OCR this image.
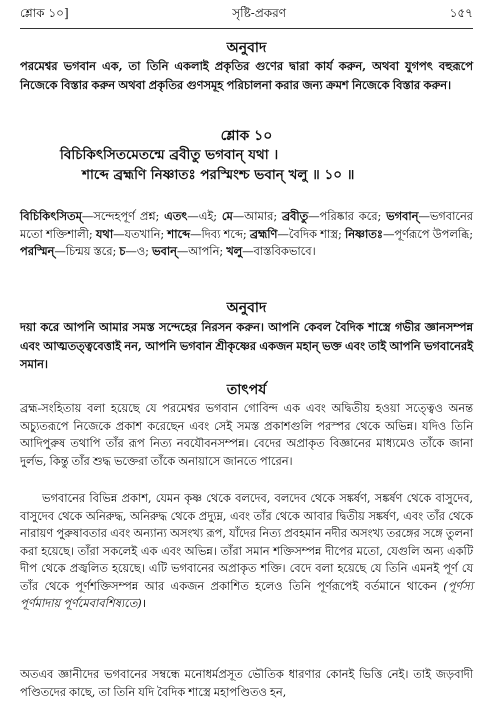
শ্লোক ১০]	সৃষ্টি-প্রকরণ	১৫৭
অনুবাদ
পরমেশ্বর ভগবান এক, তা তিনি একলাই প্রকৃতির গুণের দ্বারা কার্য করুন, অথবা যুগপৎ বহুরূপে নিজেকে বিস্তার করুন অথবা প্রকৃতির গুণসমূহ পরিচালনা করার জন্য ক্রমশ নিজেকে বিস্তার করুন।
শ্লোক ১০
বিচিকিৎসিতমেতন্মে ব্রবীতু ভগবান্ যথা ।
শাব্দে ব্রহ্মণি নিষ্ণাতঃ পরস্মিংশ্চ ভবান্ খলু ॥ ১০ ॥
বিচিকিৎসিতম্—সন্দেহপূর্ণ প্রশ্ন; এতৎ—এই; মে—আমার; ব্রবীতু—পরিষ্কার করে; ভগবান্—ভগবানের মতো শক্তিশালী; যথা—যতখানি; শাব্দে—দিব্য শব্দে; ব্রহ্মণি—বৈদিক শাস্ত্র; নিষ্ণাতঃ—পূর্ণরূপে উপলব্ধি; পরস্মিন্—চিন্ময় স্তরে; চ—ও; ভবান্—আপনি; খলু—বাস্তবিকভাবে।
অনুবাদ
দয়া করে আপনি আমার সমস্ত সন্দেহের নিরসন করুন। আপনি কেবল বৈদিক শাস্ত্রে গভীর জ্ঞানসম্পন্ন এবং আত্মতত্ত্ববেত্তাই নন, আপনি ভগবান শ্রীকৃষ্ণের একজন মহান্ ভক্ত এবং তাই আপনি ভগবানেরই সমান।
তাৎপর্য
ব্রহ্ম-সংহিতায় বলা হয়েছে যে পরমেশ্বর ভগবান গোবিন্দ এক এবং অদ্বিতীয় হওয়া সত্ত্বেও অনন্ত অচ্যুতরূপে নিজেকে প্রকাশ করেছেন এবং সেই সমস্ত প্রকাশগুলি পরস্পর থেকে অভিন্ন। যদিও তিনি আদিপুরুষ তথাপি তাঁর রূপ নিত্য নবযৌবনসম্পন্ন। বেদের অপ্রাকৃত বিজ্ঞানের মাধ্যমেও তাঁকে জানা দুর্লভ, কিন্তু তাঁর শুদ্ধ ভক্তেরা তাঁকে অনায়াসে জানতে পারেন।
ভগবানের বিভিন্ন প্রকাশ, যেমন কৃষ্ণ থেকে বলদেব, বলদেব থেকে সঙ্কর্ষণ, সঙ্কর্ষণ থেকে বাসুদেব, বাসুদেব থেকে অনিরুদ্ধ, অনিরুদ্ধ থেকে প্রদ্যুম্ন, এবং তাঁর থেকে আবার দ্বিতীয় সঙ্কর্ষণ, এবং তাঁর থেকে নারায়ণ পুরুষাবতার এবং অন্যান্য অসংখ্য রূপ, যাঁদের নিত্য প্রবহমান নদীর অসংখ্য তরঙ্গের সঙ্গে তুলনা করা হয়েছে। তাঁরা সকলেই এক এবং অভিন্ন। তাঁরা সমান শক্তিসম্পন্ন দীপের মতো, যেগুলি অন্য একটি দীপ থেকে প্রজ্বলিত হয়েছে। এটি ভগবানের অপ্রাকৃত শক্তি। বেদে বলা হয়েছে যে তিনি এমনই পূর্ণ যে তাঁর থেকে পূর্ণশক্তিসম্পন্ন আর একজন প্রকাশিত হলেও তিনি পূর্ণরূপেই বর্তমানে থাকেন (পূর্ণস্য পূর্ণমাদায় পূর্ণমেবাবশিষ্যতে)।
অতএব জ্ঞানীদের ভগবানের সম্বন্ধে মনোধর্মপ্রসূত ভৌতিক ধারণার কোনই ভিত্তি নেই। তাই জড়বাদী পণ্ডিতদের কাছে, তা তিনি যদি বৈদিক শাস্ত্রে মহাপণ্ডিতও হন,
